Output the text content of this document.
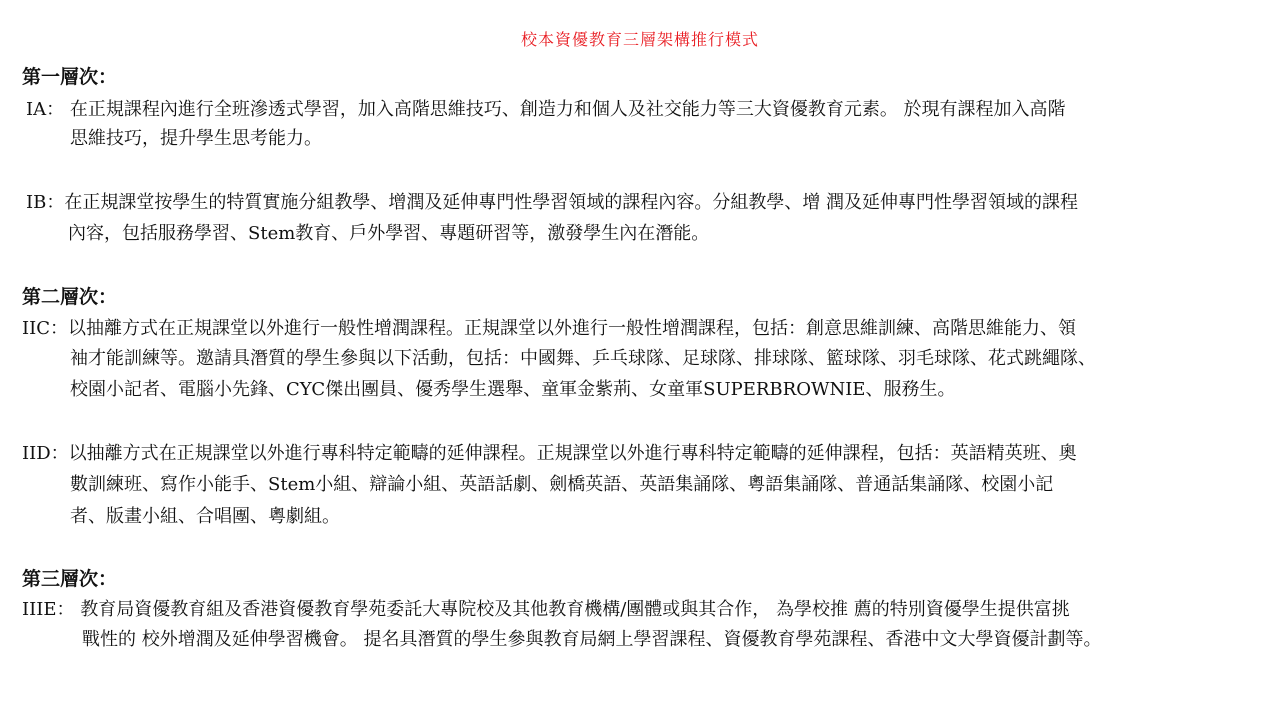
校本資優教育三層架構推行模式
第一層次：
IA： 在正規課程內進行全班滲透式學習，加入高階思維技巧、創造力和個人及社交能力等三大資優教育元素。 於現有課程加入高階
思維技巧，提升學生思考能力。
IB：在正規課堂按學生的特質實施分組教學、增潤及延伸專門性學習領域的課程內容。分組教學、增 潤及延伸專門性學習領域的課程
內容，包括服務學習、Stem教育、戶外學習、專題研習等，激發學生內在潛能。
第二層次：
IIC：以抽離方式在正規課堂以外進行一般性增潤課程。正規課堂以外進行一般性增潤課程，包括：創意思維訓練、高階思維能力、領
袖才能訓練等。邀請具潛質的學生參與以下活動，包括：中國舞、乒乓球隊、足球隊、排球隊、籃球隊、羽毛球隊、花式跳繩隊、
校園小記者、電腦小先鋒、CYC傑出團員、優秀學生選舉、童軍金紫荊、女童軍SUPERBROWNIE、服務生。
IID：以抽離方式在正規課堂以外進行專科特定範疇的延伸課程。正規課堂以外進行專科特定範疇的延伸課程，包括：英語精英班、奧
數訓練班、寫作小能手、Stem小組、辯論小組、英語話劇、劍橋英語、英語集誦隊、粵語集誦隊、普通話集誦隊、校園小記
者、版畫小組、合唱團、粵劇組。
第三層次：
IIIE： 教育局資優教育組及香港資優教育學苑委託大專院校及其他教育機構/團體或與其合作， 為學校推 薦的特別資優學生提供富挑
戰性的 校外增潤及延伸學習機會。 提名具潛質的學生參與教育局網上學習課程、資優教育學苑課程、香港中文大學資優計劃等。
